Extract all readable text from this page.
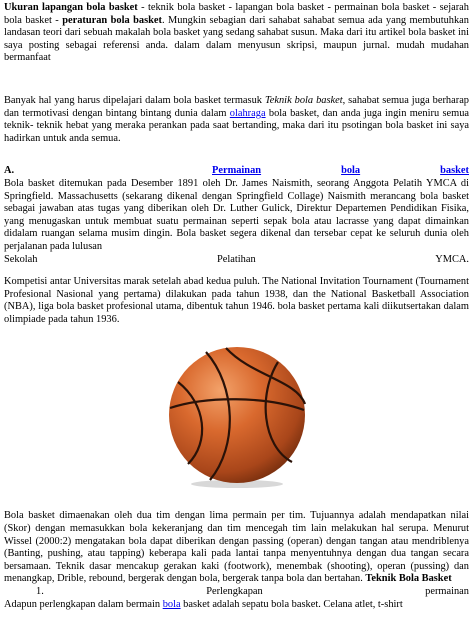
Ukuran lapangan bola basket - teknik bola basket - lapangan bola basket - permainan bola basket - sejarah bola basket - peraturan bola basket. Mungkin sebagian dari sahabat sahabat semua ada yang membutuhkan landasan teori dari sebuah makalah bola basket yang sedang sahabat susun. Maka dari itu artikel bola basket ini saya posting sebagai referensi anda. dalam dalam menyusun skripsi, maupun jurnal. mudah mudahan bermanfaat

Banyak hal yang harus dipelajari dalam bola basket termasuk Teknik bola basket, sahabat semua juga berharap dan termotivasi dengan bintang bintang dunia dalam olahraga bola basket, dan anda juga ingin meniru semua teknik- teknik hebat yang meraka perankan pada saat bertanding, maka dari itu psotingan bola basket ini saya hadirkan untuk anda semua.

A.	Permainan	bola	basket

Bola basket ditemukan pada Desember 1891 oleh Dr. James Naismith, seorang Anggota Pelatih YMCA di Springfield. Massachusetts (sekarang dikenal dengan Springfield Collage) Naismith merancang bola basket sebagai jawaban atas tugas yang diberikan oleh Dr. Luther Gulick, Direktur Departemen Pendidikan Fisika, yang menugaskan untuk membuat suatu permainan seperti sepak bola atau lacrasse yang dapat dimainkan didalam ruangan selama musim dingin. Bola basket segera dikenal dan tersebar cepat ke seluruh dunia oleh perjalanan pada lulusan

Sekolah	Pelatihan	YMCA.

Kompetisi antar Universitas marak setelah abad kedua puluh. The National Invitation Tournament (Tournament Profesional Nasional yang pertama) dilakukan pada tahun 1938, dan the National Basketball Association (NBA), liga bola basket profesional utama, dibentuk tahun 1946. bola basket pertama kali diikutsertakan dalam olimpiade pada tahun 1936.

Bola basket dimaenakan oleh dua tim dengan lima permain per tim. Tujuannya adalah mendapatkan nilai (Skor) dengan memasukkan bola kekeranjang dan tim mencegah tim lain melakukan hal serupa. Menurut Wissel (2000:2) mengatakan bola dapat diberikan dengan passing (operan) dengan tangan atau mendriblenya (Banting, pushing, atau tapping) keberapa kali pada lantai tanpa menyentuhnya dengan dua tangan secara bersamaan. Teknik dasar mencakup gerakan kaki (footwork), menembak (shooting), operan (pussing) dan menangkap, Drible, rebound, bergerak dengan bola, bergerak tanpa bola dan bertahan. Teknik Bola Basket

1.	Perlengkapan	permainan

Adapun perlengkapan dalam bermain bola basket adalah sepatu bola basket. Celana atlet, t-shirt
